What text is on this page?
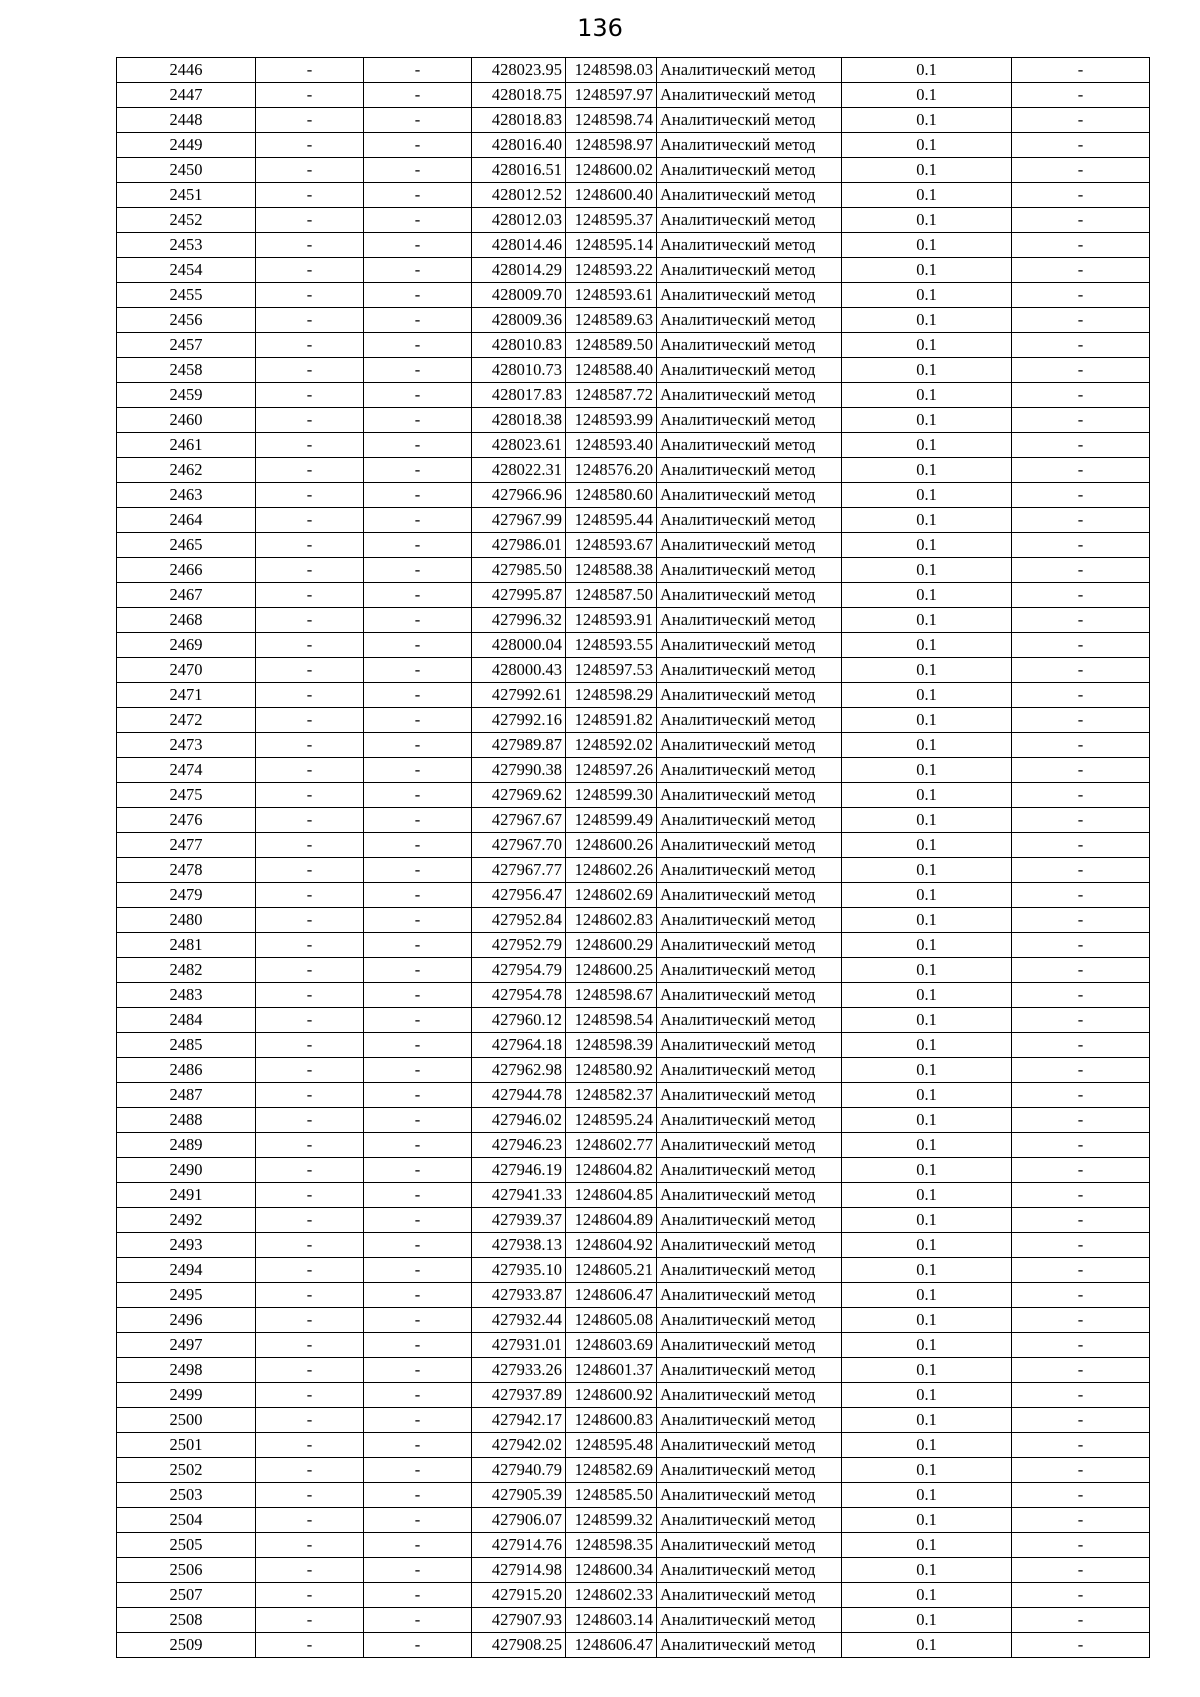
136
2446	-	-	428023.95	1248598.03	Аналитический метод	0.1	-
2447	-	-	428018.75	1248597.97	Аналитический метод	0.1	-
2448	-	-	428018.83	1248598.74	Аналитический метод	0.1	-
2449	-	-	428016.40	1248598.97	Аналитический метод	0.1	-
2450	-	-	428016.51	1248600.02	Аналитический метод	0.1	-
2451	-	-	428012.52	1248600.40	Аналитический метод	0.1	-
2452	-	-	428012.03	1248595.37	Аналитический метод	0.1	-
2453	-	-	428014.46	1248595.14	Аналитический метод	0.1	-
2454	-	-	428014.29	1248593.22	Аналитический метод	0.1	-
2455	-	-	428009.70	1248593.61	Аналитический метод	0.1	-
2456	-	-	428009.36	1248589.63	Аналитический метод	0.1	-
2457	-	-	428010.83	1248589.50	Аналитический метод	0.1	-
2458	-	-	428010.73	1248588.40	Аналитический метод	0.1	-
2459	-	-	428017.83	1248587.72	Аналитический метод	0.1	-
2460	-	-	428018.38	1248593.99	Аналитический метод	0.1	-
2461	-	-	428023.61	1248593.40	Аналитический метод	0.1	-
2462	-	-	428022.31	1248576.20	Аналитический метод	0.1	-
2463	-	-	427966.96	1248580.60	Аналитический метод	0.1	-
2464	-	-	427967.99	1248595.44	Аналитический метод	0.1	-
2465	-	-	427986.01	1248593.67	Аналитический метод	0.1	-
2466	-	-	427985.50	1248588.38	Аналитический метод	0.1	-
2467	-	-	427995.87	1248587.50	Аналитический метод	0.1	-
2468	-	-	427996.32	1248593.91	Аналитический метод	0.1	-
2469	-	-	428000.04	1248593.55	Аналитический метод	0.1	-
2470	-	-	428000.43	1248597.53	Аналитический метод	0.1	-
2471	-	-	427992.61	1248598.29	Аналитический метод	0.1	-
2472	-	-	427992.16	1248591.82	Аналитический метод	0.1	-
2473	-	-	427989.87	1248592.02	Аналитический метод	0.1	-
2474	-	-	427990.38	1248597.26	Аналитический метод	0.1	-
2475	-	-	427969.62	1248599.30	Аналитический метод	0.1	-
2476	-	-	427967.67	1248599.49	Аналитический метод	0.1	-
2477	-	-	427967.70	1248600.26	Аналитический метод	0.1	-
2478	-	-	427967.77	1248602.26	Аналитический метод	0.1	-
2479	-	-	427956.47	1248602.69	Аналитический метод	0.1	-
2480	-	-	427952.84	1248602.83	Аналитический метод	0.1	-
2481	-	-	427952.79	1248600.29	Аналитический метод	0.1	-
2482	-	-	427954.79	1248600.25	Аналитический метод	0.1	-
2483	-	-	427954.78	1248598.67	Аналитический метод	0.1	-
2484	-	-	427960.12	1248598.54	Аналитический метод	0.1	-
2485	-	-	427964.18	1248598.39	Аналитический метод	0.1	-
2486	-	-	427962.98	1248580.92	Аналитический метод	0.1	-
2487	-	-	427944.78	1248582.37	Аналитический метод	0.1	-
2488	-	-	427946.02	1248595.24	Аналитический метод	0.1	-
2489	-	-	427946.23	1248602.77	Аналитический метод	0.1	-
2490	-	-	427946.19	1248604.82	Аналитический метод	0.1	-
2491	-	-	427941.33	1248604.85	Аналитический метод	0.1	-
2492	-	-	427939.37	1248604.89	Аналитический метод	0.1	-
2493	-	-	427938.13	1248604.92	Аналитический метод	0.1	-
2494	-	-	427935.10	1248605.21	Аналитический метод	0.1	-
2495	-	-	427933.87	1248606.47	Аналитический метод	0.1	-
2496	-	-	427932.44	1248605.08	Аналитический метод	0.1	-
2497	-	-	427931.01	1248603.69	Аналитический метод	0.1	-
2498	-	-	427933.26	1248601.37	Аналитический метод	0.1	-
2499	-	-	427937.89	1248600.92	Аналитический метод	0.1	-
2500	-	-	427942.17	1248600.83	Аналитический метод	0.1	-
2501	-	-	427942.02	1248595.48	Аналитический метод	0.1	-
2502	-	-	427940.79	1248582.69	Аналитический метод	0.1	-
2503	-	-	427905.39	1248585.50	Аналитический метод	0.1	-
2504	-	-	427906.07	1248599.32	Аналитический метод	0.1	-
2505	-	-	427914.76	1248598.35	Аналитический метод	0.1	-
2506	-	-	427914.98	1248600.34	Аналитический метод	0.1	-
2507	-	-	427915.20	1248602.33	Аналитический метод	0.1	-
2508	-	-	427907.93	1248603.14	Аналитический метод	0.1	-
2509	-	-	427908.25	1248606.47	Аналитический метод	0.1	-
